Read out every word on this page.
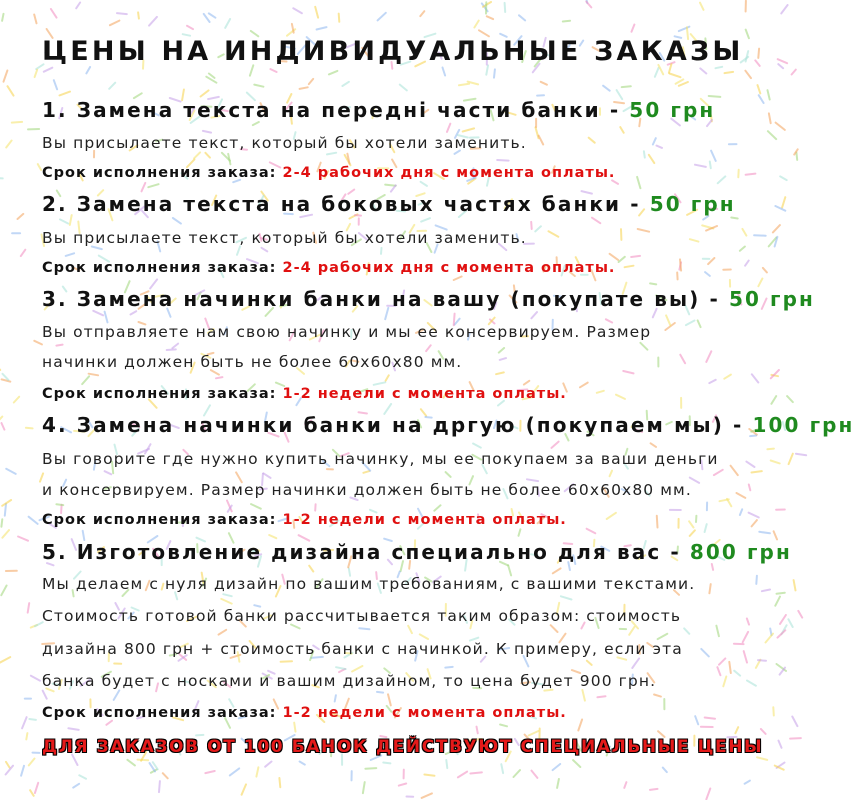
ЦЕНЫ НА ИНДИВИДУАЛЬНЫЕ ЗАКАЗЫ
1. Замена текста на передні части банки - 50 грн
Вы присылаете текст, который бы хотели заменить.
Срок исполнения заказа: 2-4 рабочих дня с момента оплаты.
2. Замена текста на боковых частях банки - 50 грн
Вы присылаете текст, который бы хотели заменить.
Срок исполнения заказа: 2-4 рабочих дня с момента оплаты.
3. Замена начинки банки на вашу (покупате вы) - 50 грн
Вы отправляете нам свою начинку и мы ее консервируем. Размер
начинки должен быть не более 60х60х80 мм.
Срок исполнения заказа: 1-2 недели с момента оплаты.
4. Замена начинки банки на дргую (покупаем мы) - 100 грн
Вы говорите где нужно купить начинку, мы ее покупаем за ваши деньги
и консервируем. Размер начинки должен быть не более 60х60х80 мм.
Срок исполнения заказа: 1-2 недели с момента оплаты.
5. Изготовление дизайна специально для вас - 800 грн
Мы делаем с нуля дизайн по вашим требованиям, с вашими текстами.
Стоимость готовой банки рассчитывается таким образом: стоимость
дизайна 800 грн + стоимость банки с начинкой. К примеру, если эта
банка будет с носками и вашим дизайном, то цена будет 900 грн.
Срок исполнения заказа: 1-2 недели с момента оплаты.
ДЛЯ ЗАКАЗОВ ОТ 100 БАНОК ДЕЙСТВУЮТ СПЕЦИАЛЬНЫЕ ЦЕНЫ
